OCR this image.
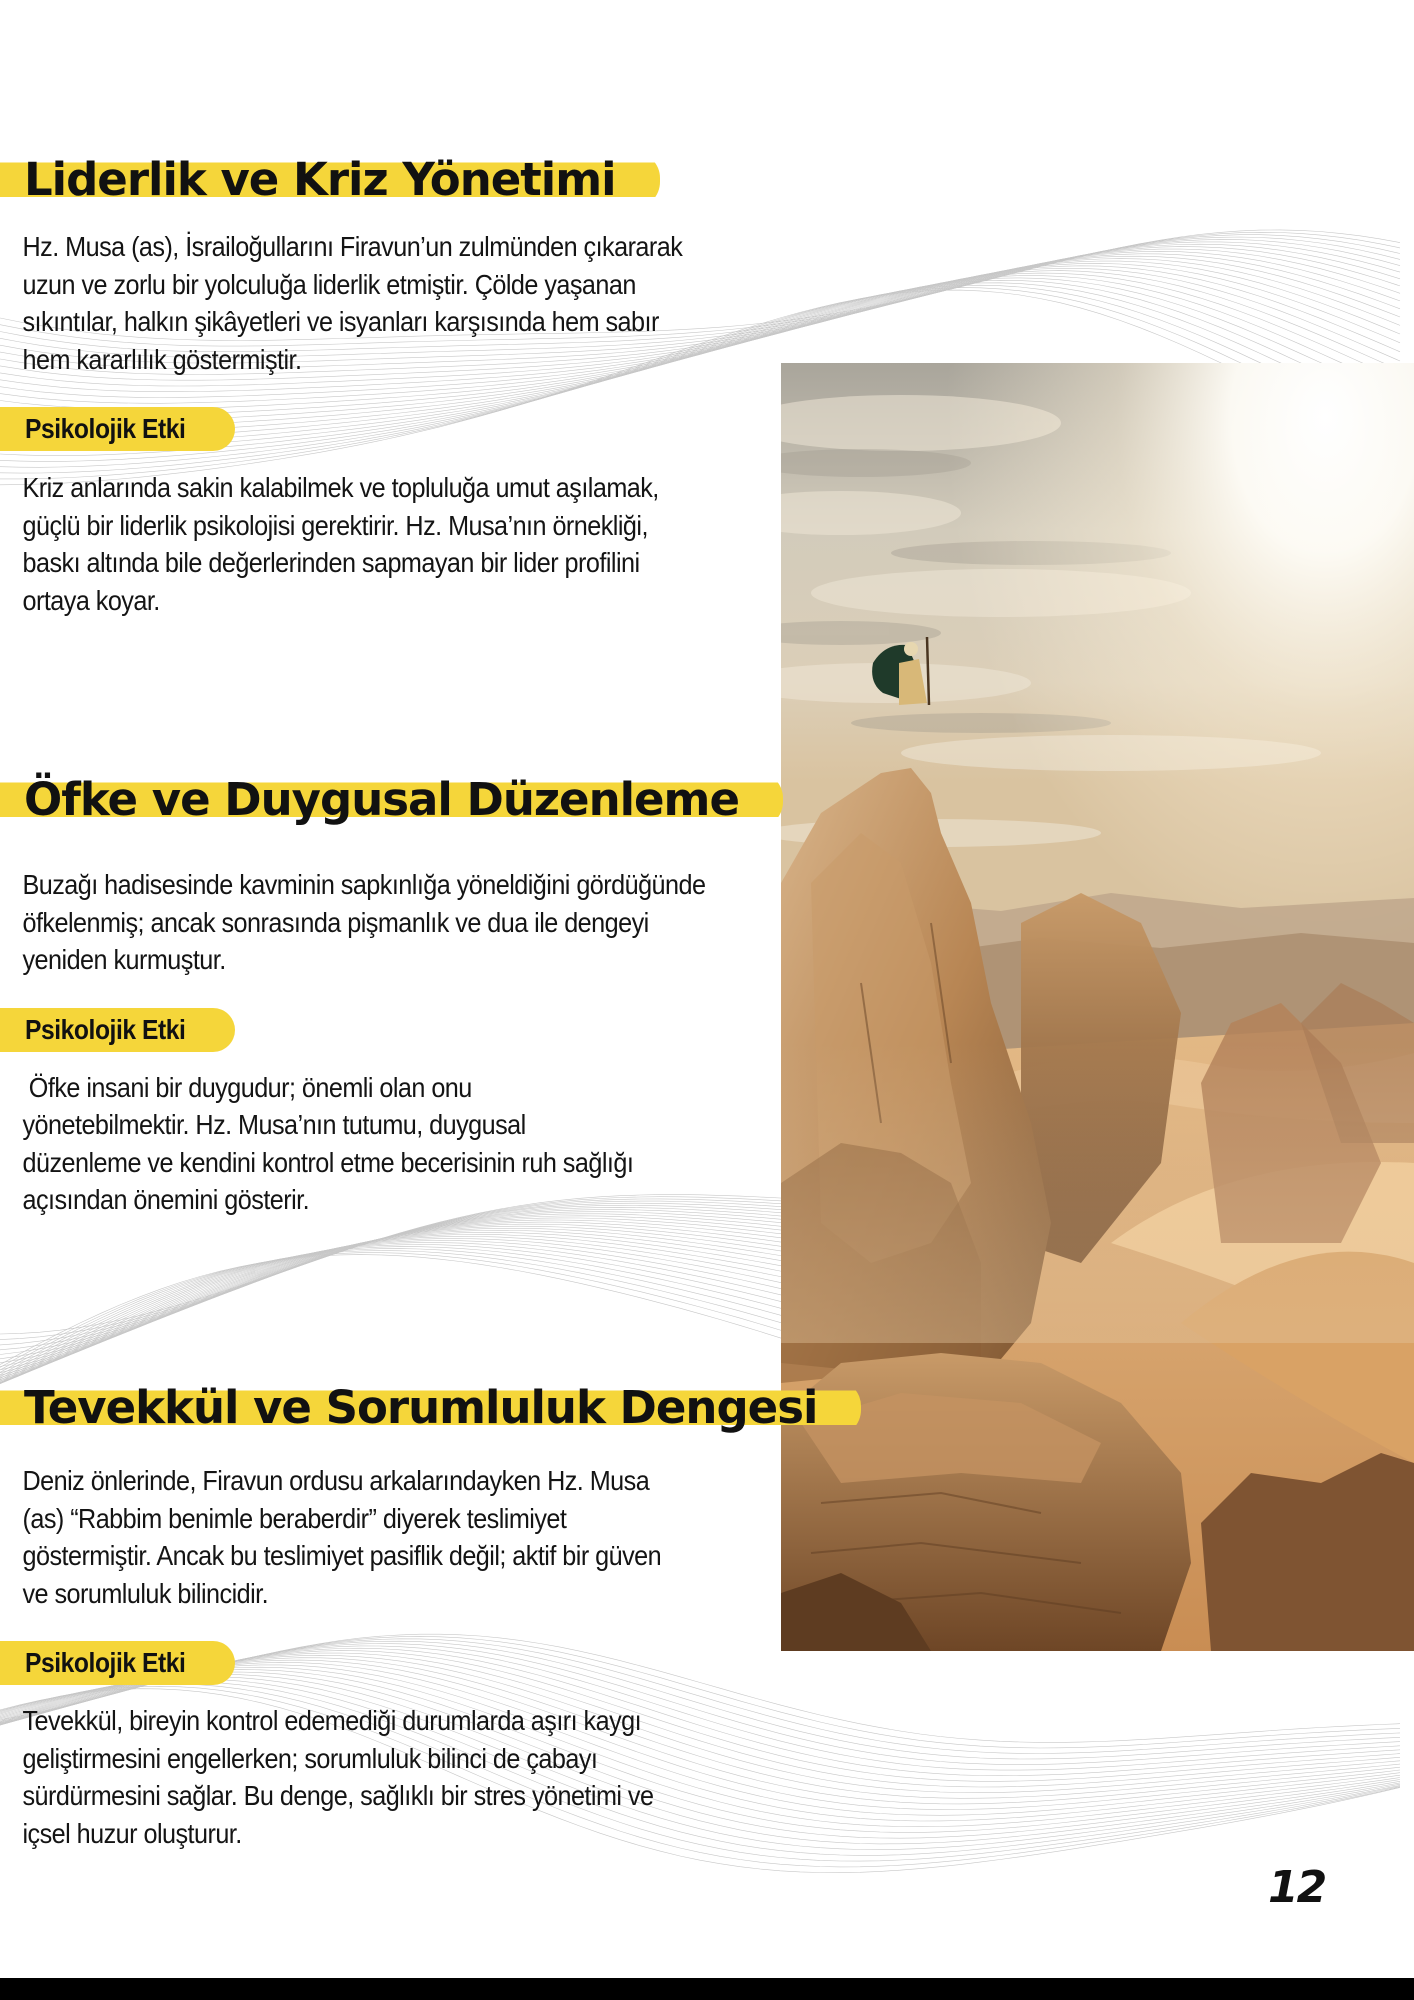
Liderlik ve Kriz Yönetimi

Hz. Musa (as), İsrailoğullarını Firavun’un zulmünden çıkararak uzun ve zorlu bir yolculuğa liderlik etmiştir. Çölde yaşanan sıkıntılar, halkın şikâyetleri ve isyanları karşısında hem sabır hem kararlılık göstermiştir.

Psikolojik Etki

Kriz anlarında sakin kalabilmek ve topluluğa umut aşılamak, güçlü bir liderlik psikolojisi gerektirir. Hz. Musa’nın örnekliği, baskı altında bile değerlerinden sapmayan bir lider profilini ortaya koyar.

Öfke ve Duygusal Düzenleme

Buzağı hadisesinde kavminin sapkınlığa yöneldiğini gördüğünde öfkelenmiş; ancak sonrasında pişmanlık ve dua ile dengeyi yeniden kurmuştur.

Psikolojik Etki

Öfke insani bir duygudur; önemli olan onu yönetebilmektir. Hz. Musa’nın tutumu, duygusal düzenleme ve kendini kontrol etme becerisinin ruh sağlığı açısından önemini gösterir.

Tevekkül ve Sorumluluk Dengesi

Deniz önlerinde, Firavun ordusu arkalarındayken Hz. Musa (as) “Rabbim benimle beraberdir” diyerek teslimiyet göstermiştir. Ancak bu teslimiyet pasiflik değil; aktif bir güven ve sorumluluk bilincidir.

Psikolojik Etki

Tevekkül, bireyin kontrol edemediği durumlarda aşırı kaygı geliştirmesini engellerken; sorumluluk bilinci de çabayı sürdürmesini sağlar. Bu denge, sağlıklı bir stres yönetimi ve içsel huzur oluşturur.

12
